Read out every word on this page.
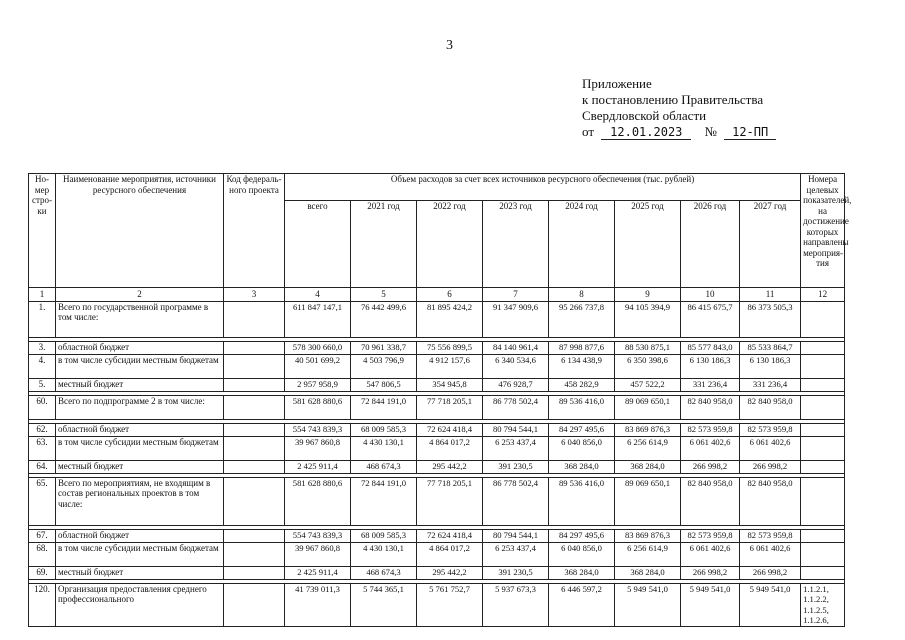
3
Приложение
к постановлению Правительства
Свердловской области
от 12.01.2023 № 12-ПП
Но-мер стро-ки	Наименование мероприятия, источники ресурсного обеспечения	Код федераль-ного проекта	Объем расходов за счет всех источников ресурсного обеспечения (тыс. рублей)								Номера целевых показателей, на достижение которых направлены мероприя-тия
			всего	2021 год	2022 год	2023 год	2024 год	2025 год	2026 год	2027 год	
1	2	3	4	5	6	7	8	9	10	11	12
1.	Всего по государственной программе в том числе:		611 847 147,1	76 442 499,6	81 895 424,2	91 347 909,6	95 266 737,8	94 105 394,9	86 415 675,7	86 373 505,3	

3.	областной бюджет		578 300 660,0	70 961 338,7	75 556 899,5	84 140 961,4	87 998 877,6	88 530 875,1	85 577 843,0	85 533 864,7	
4.	в том числе субсидии местным бюджетам		40 501 699,2	4 503 796,9	4 912 157,6	6 340 534,6	6 134 438,9	6 350 398,6	6 130 186,3	6 130 186,3	
5.	местный бюджет		2 957 958,9	547 806,5	354 945,8	476 928,7	458 282,9	457 522,2	331 236,4	331 236,4	

60.	Всего по подпрограмме 2 в том числе:		581 628 880,6	72 844 191,0	77 718 205,1	86 778 502,4	89 536 416,0	89 069 650,1	82 840 958,0	82 840 958,0	

62.	областной бюджет		554 743 839,3	68 009 585,3	72 624 418,4	80 794 544,1	84 297 495,6	83 869 876,3	82 573 959,8	82 573 959,8	
63.	в том числе субсидии местным бюджетам		39 967 860,8	4 430 130,1	4 864 017,2	6 253 437,4	6 040 856,0	6 256 614,9	6 061 402,6	6 061 402,6	
64.	местный бюджет		2 425 911,4	468 674,3	295 442,2	391 230,5	368 284,0	368 284,0	266 998,2	266 998,2	

65.	Всего по мероприятиям, не входящим в состав региональных проектов в том числе:		581 628 880,6	72 844 191,0	77 718 205,1	86 778 502,4	89 536 416,0	89 069 650,1	82 840 958,0	82 840 958,0	

67.	областной бюджет		554 743 839,3	68 009 585,3	72 624 418,4	80 794 544,1	84 297 495,6	83 869 876,3	82 573 959,8	82 573 959,8	
68.	в том числе субсидии местным бюджетам		39 967 860,8	4 430 130,1	4 864 017,2	6 253 437,4	6 040 856,0	6 256 614,9	6 061 402,6	6 061 402,6	
69.	местный бюджет		2 425 911,4	468 674,3	295 442,2	391 230,5	368 284,0	368 284,0	266 998,2	266 998,2	

120.	Организация предоставления среднего профессионального		41 739 011,3	5 744 365,1	5 761 752,7	5 937 673,3	6 446 597,2	5 949 541,0	5 949 541,0	5 949 541,0	1.1.2.1, 1.1.2.2, 1.1.2.5, 1.1.2.6,
